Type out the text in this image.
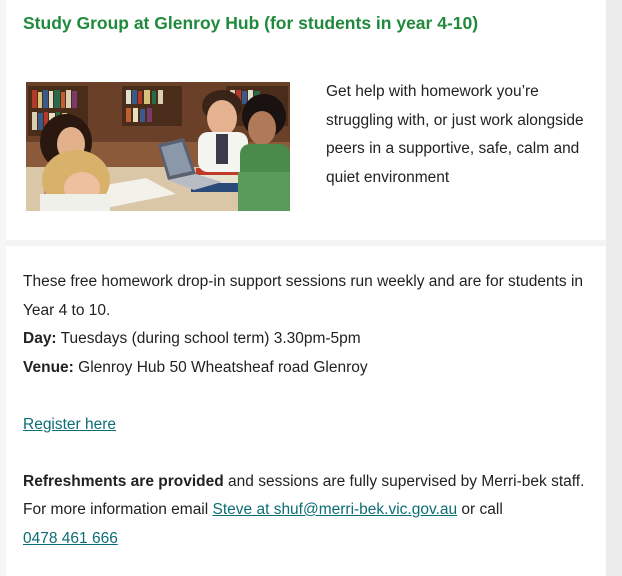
Study Group at Glenroy Hub (for students in year 4-10)

Get help with homework you’re struggling with, or just work alongside peers in a supportive, safe, calm and quiet environment

These free homework drop-in support sessions run weekly and are for students in Year 4 to 10.

Day: Tuesdays (during school term) 3.30pm-5pm

Venue: Glenroy Hub 50 Wheatsheaf road Glenroy

Register here

Refreshments are provided and sessions are fully supervised by Merri-bek staff. For more information email Steve at shuf@merri-bek.vic.gov.au or call
0478 461 666
